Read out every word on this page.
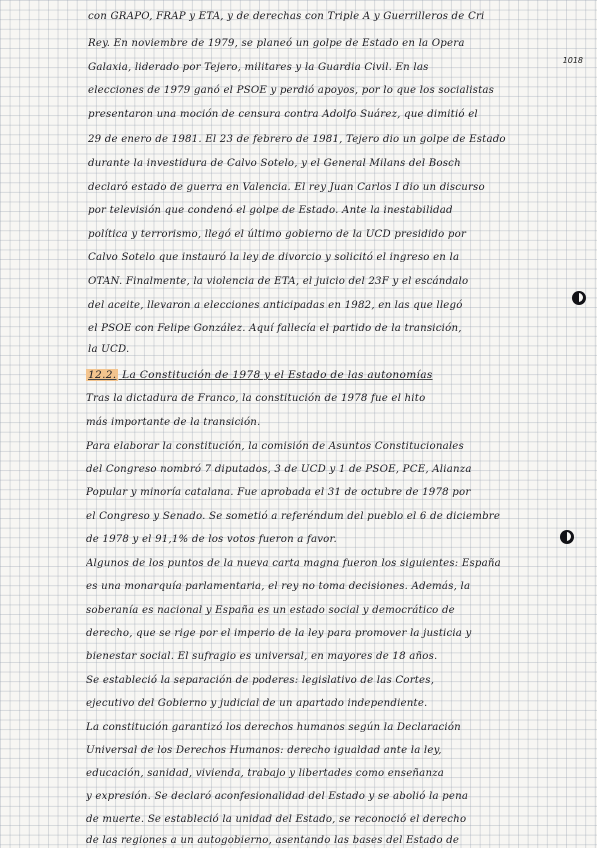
1018
con GRAPO, FRAP y ETA, y de derechas con Triple A y Guerrilleros de Cri
Rey. En noviembre de 1979, se planeó un golpe de Estado en la Opera
Galaxia, liderado por Tejero, militares y la Guardia Civil. En las
elecciones de 1979 ganó el PSOE y perdió apoyos, por lo que los socialistas
presentaron una moción de censura contra Adolfo Suárez, que dimitió el
29 de enero de 1981. El 23 de febrero de 1981, Tejero dio un golpe de Estado
durante la investidura de Calvo Sotelo, y el General Milans del Bosch
declaró estado de guerra en Valencia. El rey Juan Carlos I dio un discurso
por televisión que condenó el golpe de Estado. Ante la inestabilidad
política y terrorismo, llegó el último gobierno de la UCD presidido por
Calvo Sotelo que instauró la ley de divorcio y solicitó el ingreso en la
OTAN. Finalmente, la violencia de ETA, el juicio del 23F y el escándalo
del aceite, llevaron a elecciones anticipadas en 1982, en las que llegó
el PSOE con Felipe González. Aquí fallecía el partido de la transición,
la UCD.
12.2. La Constitución de 1978 y el Estado de las autonomías
Tras la dictadura de Franco, la constitución de 1978 fue el hito
más importante de la transición.
Para elaborar la constitución, la comisión de Asuntos Constitucionales
del Congreso nombró 7 diputados, 3 de UCD y 1 de PSOE, PCE, Alianza
Popular y minoría catalana. Fue aprobada el 31 de octubre de 1978 por
el Congreso y Senado. Se sometió a referéndum del pueblo el 6 de diciembre
de 1978 y el 91,1% de los votos fueron a favor.
Algunos de los puntos de la nueva carta magna fueron los siguientes: España
es una monarquía parlamentaria, el rey no toma decisiones. Además, la
soberanía es nacional y España es un estado social y democrático de
derecho, que se rige por el imperio de la ley para promover la justicia y
bienestar social. El sufragio es universal, en mayores de 18 años.
Se estableció la separación de poderes: legislativo de las Cortes,
ejecutivo del Gobierno y judicial de un apartado independiente.
La constitución garantizó los derechos humanos según la Declaración
Universal de los Derechos Humanos: derecho igualdad ante la ley,
educación, sanidad, vivienda, trabajo y libertades como enseñanza
y expresión. Se declaró aconfesionalidad del Estado y se abolió la pena
de muerte. Se estableció la unidad del Estado, se reconoció el derecho
de las regiones a un autogobierno, asentando las bases del Estado de
